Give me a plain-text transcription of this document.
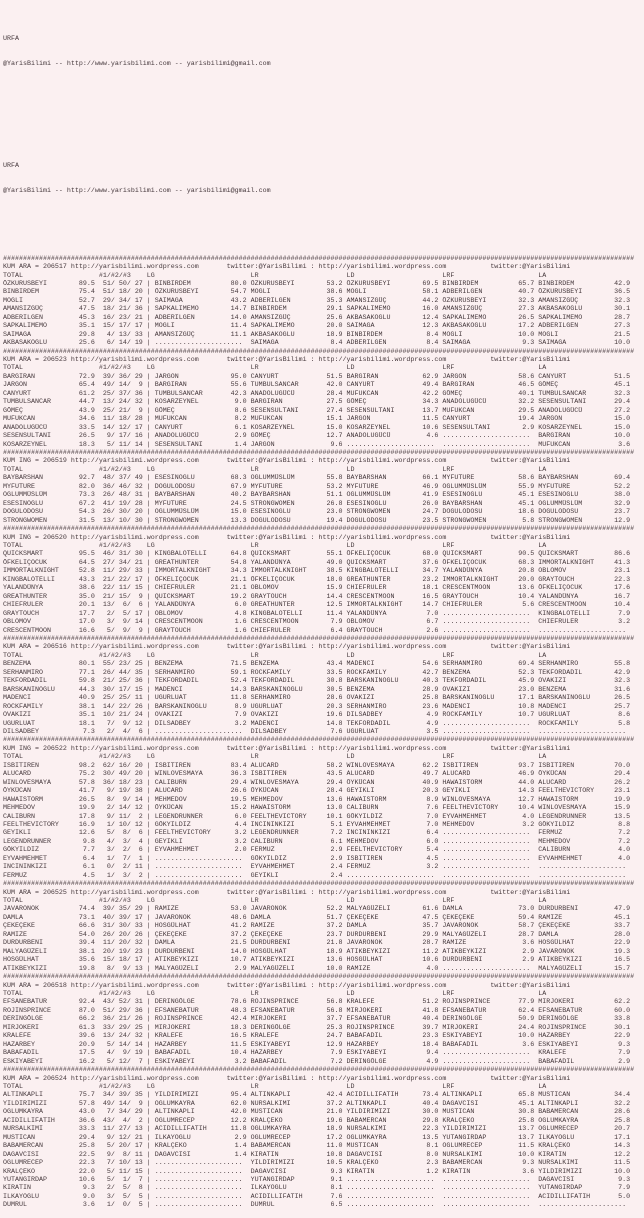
URFA

@YarisBilimi -- http://www.yarisbilimi.com -- yarisbilimi@gmail.com

URFA

@YarisBilimi -- http://www.yarisbilimi.com -- yarisbilimi@gmail.com

##############################################################################################################################################################
KUM ARA = 206517 http://yarisbilimi.wordpress.com       twitter:@YarisBilimi : http://yarisbilimi.wordpress.com           twitter:@YarisBilimi
TOTAL                   #1/#2/#3    LG                        LR                      LD                      LRF                     LA
ÖZKURUSBEYI        89.5  51/ 50/ 27 | BINBIRDEM          80.0 ÖZKURUSBEYI        53.2 ÖZKURUSBEYI        69.5 BINBIRDEM          65.7 BINBIRDEM          42.9
BINBIRDEM          75.4  51/ 18/ 20 | ÖZKURUSBEYI        54.7 MOGLI              38.6 MOGLI              58.1 ADBERILGEN         40.7 ÖZKURUSBEYI        36.5
MOGLI              52.7  29/ 34/ 17 | SAIMAGA            43.2 ADBERILGEN         35.3 AMANSIZGÜÇ         44.2 ÖZKURUSBEYI        32.3 AMANSIZGÜÇ         32.3
AMANSIZGÜÇ         47.5  18/ 21/ 36 | SAPKALIMEMO        14.7 BINBIRDEM          29.1 SAPKALIMEMO        16.0 AMANSIZGÜÇ         27.3 AKBASAKOGLU        30.1
ADBERILGEN         45.3  16/ 23/ 21 | ADBERILGEN         14.0 AMANSIZGÜÇ         25.6 AKBASAKOGLU        12.4 SAPKALIMEMO        26.5 SAPKALIMEMO        28.7
SAPKALIMEMO        35.1  15/ 17/ 17 | MOGLI              11.4 SAPKALIMEMO        20.0 SAIMAGA            12.3 AKBASAKOGLU        17.2 ADBERILGEN         27.3
SAIMAGA            29.8   4/ 13/ 33 | AMANSIZGÜÇ         11.1 AKBASAKOGLU        18.9 BINBIRDEM           8.4 MOGLI              10.0 MOGLI              21.5
AKBASAKOGLU        25.6   6/ 14/ 19 | ......................  SAIMAGA             8.4 ADBERILGEN          8.4 SAIMAGA             9.3 SAIMAGA            10.0
##############################################################################################################################################################
KUM ARA = 206523 http://yarisbilimi.wordpress.com       twitter:@YarisBilimi : http://yarisbilimi.wordpress.com           twitter:@YarisBilimi
TOTAL                   #1/#2/#3    LG                        LR                      LD                      LRF                     LA
BARGIRAN           72.9  39/ 36/ 29 | JARGON             95.0 CANYURT            51.5 BARGIRAN           62.9 JARGON             58.6 CANYURT            51.5
JARGON             65.4  49/ 14/  9 | BARGIRAN           55.6 TUMBULSANCAR       42.0 CANYURT            49.4 BARGIRAN           46.5 GÖMEÇ              45.1
CANYURT            61.2  25/ 37/ 36 | TUMBULSANCAR       42.3 ANADOLUGÜCÜ        28.4 MUFUKCAN           42.2 GÖMEÇ              40.1 TUMBULSANCAR       32.3
TUMBULSANCAR       44.7  13/ 24/ 32 | KOSARZEYNEL         9.0 BARGIRAN           27.5 GÖMEÇ              34.3 ANADOLUGÜCÜ        32.2 SESENSULTANI       29.4
GÖMEÇ              43.9  25/ 21/  9 | GÖMEÇ               8.6 SESENSULTANI       27.4 SESENSULTANI       13.7 MUFUKCAN           29.5 ANADOLUGÜCÜ        27.2
MUFUKCAN           34.6  11/ 18/ 28 | MUFUKCAN            8.2 MUFUKCAN           15.1 JARGON             11.5 CANYURT            19.4 JARGON             15.0
ANADOLUGÜCÜ        33.5  14/ 12/ 17 | CANYURT             6.1 KOSARZEYNEL        15.0 KOSARZEYNEL        10.6 SESENSULTANI        2.9 KOSARZEYNEL        15.0
SESENSULTANI       26.5   9/ 17/ 16 | ANADOLUGÜCÜ         2.9 GÖMEÇ              12.7 ANADOLUGÜCÜ         4.6 ......................  BARGIRAN           10.0
KOSARZEYNEL        18.3   5/ 11/ 14 | SESENSULTANI        1.4 JARGON              9.6 ......................  ......................  MUFUKCAN            3.6
##############################################################################################################################################################
KUM ING = 206519 http://yarisbilimi.wordpress.com       twitter:@YarisBilimi : http://yarisbilimi.wordpress.com           twitter:@YarisBilimi
TOTAL                   #1/#2/#3    LG                        LR                      LD                      LRF                     LA
BAYBARSHAN         92.7  48/ 37/ 49 | ESESINOGLU         68.3 OGLUMMÜSLÜM        55.8 BAYBARSHAN         66.1 MYFUTURE           58.6 BAYBARSHAN         69.4
MYFUTURE           82.0  36/ 46/ 32 | DOGULODOSU         67.9 MYFUTURE           53.2 MYFUTURE           46.9 OGLUMMÜSLÜM        55.9 MYFUTURE           52.2
OGLUMMÜSLÜM        73.3  26/ 48/ 31 | BAYBARSHAN         40.2 BAYBARSHAN         51.1 OGLUMMÜSLÜM        41.9 ESESINOGLU         45.1 ESESINOGLU         38.0
ESESINOGLU         67.2  41/ 19/ 28 | MYFUTURE           24.5 STRONGWOMEN        26.8 ESESINOGLU         26.0 BAYBARSHAN         45.1 OGLUMMÜSLÜM        32.9
DOGULODOSU         54.3  26/ 30/ 20 | OGLUMMÜSLÜM        15.0 ESESINOGLU         23.0 STRONGWOMEN        24.7 DOGULODOSU         18.6 DOGULODOSU         23.7
STRONGWOMEN        31.5  13/ 10/ 30 | STRONGWOMEN        13.3 DOGULODOSU         19.4 DOGULODOSU         23.5 STRONGWOMEN         5.8 STRONGWOMEN        12.9
##############################################################################################################################################################
KUM ING = 206520 http://yarisbilimi.wordpress.com       twitter:@YarisBilimi : http://yarisbilimi.wordpress.com           twitter:@YarisBilimi
TOTAL                   #1/#2/#3    LG                        LR                      LD                      LRF                     LA
QUICKSMART         95.5  46/ 31/ 30 | KINGBALOTELLI      64.8 QUICKSMART         55.1 ÖFKELIÇOCUK        68.0 QUICKSMART         90.5 QUICKSMART         86.6
ÖFKELIÇOCUK        64.5  27/ 34/ 21 | GREATHUNTER        54.8 YALANDÜNYA         49.0 QUICKSMART         37.6 ÖFKELIÇOCUK        68.3 IMMORTALKNIGHT     41.3
IMMORTALKNIGHT     52.8  11/ 29/ 33 | IMMORTALKNIGHT     34.3 IMMORTALKNIGHT     38.5 KINGBALOTELLI      34.7 YALANDÜNYA         20.8 OBLOMOV            23.1
KINGBALOTELLI      43.3  21/ 22/ 17 | ÖFKELIÇOCUK        21.1 ÖFKELIÇOCUK        18.0 GREATHUNTER        23.2 IMMORTALKNIGHT     20.0 GRAYTOUCH          22.3
YALANDÜNYA         38.6  22/ 11/ 15 | CHIEFRULER         21.1 OBLOMOV            15.9 CHIEFRULER         18.1 CRESCENTMOON       13.6 ÖFKELIÇOCUK        17.6
GREATHUNTER        35.0  21/ 15/  9 | QUICKSMART         19.2 GRAYTOUCH          14.4 CRESCENTMOON       16.5 GRAYTOUCH          10.4 YALANDÜNYA         16.7
CHIEFRULER         20.1  13/  6/  6 | YALANDÜNYA          6.0 GREATHUNTER        12.5 IMMORTALKNIGHT     14.7 CHIEFRULER          5.6 CRESCENTMOON       10.4
GRAYTOUCH          17.7   2/  5/ 17 | OBLOMOV             4.8 KINGBALOTELLI      11.4 YALANDÜNYA          7.0 ......................  KINGBALOTELLI       7.9
OBLOMOV            17.0   3/  9/ 14 | CRESCENTMOON        1.6 CRESCENTMOON        7.9 OBLOMOV             6.7 ......................  CHIEFRULER          3.2
CRESCENTMOON       16.6   5/  9/  9 | GRAYTOUCH           1.6 CHIEFRULER          6.4 GRAYTOUCH           2.6 ......................  ......................
##############################################################################################################################################################
KUM ARA = 206516 http://yarisbilimi.wordpress.com       twitter:@YarisBilimi : http://yarisbilimi.wordpress.com           twitter:@YarisBilimi
TOTAL                   #1/#2/#3    LG                        LR                      LD                      LRF                     LA
BENZEMA            80.1  55/ 23/ 25 | BENZEMA            71.5 BENZEMA            43.4 MADENCI            54.6 SERHANMIRO         69.4 SERHANMIRO         55.8
SERHANMIRO         77.1  26/ 44/ 35 | SERHANMIRO         59.1 ROCKFAMILY         33.5 ROCKFAMILY         42.7 BENZEMA            52.3 TEKFORDADIL        42.9
TEKFORDADIL        59.8  21/ 25/ 36 | TEKFORDADIL        52.4 TEKFORDADIL        30.8 BARSKANINOGLU      40.3 TEKFORDADIL        45.9 OVAKIZI            32.3
BARSKANINOGLU      44.3  30/ 17/ 15 | MADENCI            14.3 BARSKANINOGLU      30.5 BENZEMA            28.9 OVAKIZI            23.0 BENZEMA            31.6
MADENCI            40.9  25/ 25/ 11 | UGURLUAT           11.8 SERHANMIRO         28.6 OVAKIZI            25.8 BARSKANINOGLU      17.1 BARSKANINOGLU      26.5
ROCKFAMILY         38.1  14/ 22/ 26 | BARSKANINOGLU       8.9 UGURLUAT           20.3 SERHANMIRO         23.6 MADENCI            10.8 MADENCI            25.7
OVAKIZI            35.1  10/ 21/ 24 | OVAKIZI             7.9 OVAKIZI            19.6 DILSADBEY           4.9 ROCKFAMILY         10.7 UGURLUAT            8.6
UGURLUAT           18.1   7/  9/ 12 | DILSADBEY           3.2 MADENCI            14.8 TEKFORDADIL         4.9 ......................  ROCKFAMILY          5.8
DILSADBEY           7.3   2/  4/  6 | ......................  DILSADBEY           7.6 UGURLUAT            3.5 ......................  ......................
##############################################################################################################################################################
KUM ING = 206522 http://yarisbilimi.wordpress.com       twitter:@YarisBilimi : http://yarisbilimi.wordpress.com           twitter:@YarisBilimi
TOTAL                   #1/#2/#3    LG                        LR                      LD                      LRF                     LA
ISBITIREN          98.2  62/ 16/ 20 | ISBITIREN          83.4 ALUCARD            58.2 WINLOVESMAYA       62.2 ISBITIREN          93.7 ISBITIREN          70.0
ALUCARD            75.2  30/ 49/ 20 | WINLOVESMAYA       36.3 ISBITIREN          43.5 ALUCARD            49.7 ALUCARD            46.9 ÖYKÜCAN            29.4
WINLOVESMAYA       57.8  36/ 18/ 23 | CALIBURN           29.4 WINLOVESMAYA       29.4 ÖYKÜCAN            40.9 HAWAISTORM         44.0 ALUCARD            26.2
ÖYKÜCAN            41.7   9/ 19/ 38 | ALUCARD            26.6 ÖYKÜCAN            28.4 GEYIKLI            20.3 GEYIKLI            14.3 FEELTHEVICTORY     23.1
HAWAISTORM         26.5   8/  9/ 14 | MEHMEDOV           19.5 MEHMEDOV           13.6 HAWAISTORM          8.9 WINLOVESMAYA       12.7 HAWAISTORM         19.9
MEHMEDOV           19.9   2/ 14/ 12 | ÖYKÜCAN            15.2 HAWAISTORM         13.0 CALIBURN            7.6 FEELTHEVICTORY     10.4 WINLOVESMAYA       15.9
CALIBURN           17.8   9/ 11/  2 | LEGENDRUNNER        6.0 FEELTHEVICTORY     10.1 GÖKYILDIZ           7.0 EYVAHMEHMET         4.0 LEGENDRUNNER       13.5
FEELTHEVICTORY     16.9   1/ 10/ 12 | GÖKYILDIZ           4.4 INCININKIZI         5.1 EYVAHMEHMET         7.0 MEHMEDOV            3.2 GÖKYILDIZ           8.8
GEYIKLI            12.6   5/  8/  6 | FEELTHEVICTORY      3.2 LEGENDRUNNER        7.2 INCININKIZI         6.4 ......................  FERMUZ              7.2
LEGENDRUNNER        9.8   4/  3/  4 | GEYIKLI             3.2 CALIBURN            6.1 MEHMEDOV            6.0 ......................  MEHMEDOV            7.2
GÖKYILDIZ           7.7   3/  2/  6 | EYVAHMEHMET         2.0 FERMUZ              2.9 FEELTHEVICTORY      5.4 ......................  CALIBURN            4.0
EYVAHMEHMET         6.4   1/  7/  1 | ......................  GÖKYILDIZ           2.9 ISBITIREN           4.5 ......................  EYVAHMEHMET         4.0
INCININKIZI         6.1   0/  2/ 11 | ......................  EYVAHMEHMET         2.4 FERMUZ              3.2 ......................  ......................
FERMUZ              4.5   1/  3/  2 | ......................  GEYIKLI             2.4 ......................  ......................  ......................
##############################################################################################################################################################
KUM ARA = 206525 http://yarisbilimi.wordpress.com       twitter:@YarisBilimi : http://yarisbilimi.wordpress.com           twitter:@YarisBilimi
TOTAL                   #1/#2/#3    LG                        LR                      LD                      LRF                     LA
JAVARONOK          74.4  39/ 35/ 29 | RAMIZE             53.0 JAVARONOK          52.2 MALYAGÜZELI        61.6 DAMLA              73.0 DURDURBENI         47.9
DAMLA              73.1  40/ 39/ 17 | JAVARONOK          48.6 DAMLA              51.7 ÇEKEÇEKE           47.5 ÇEKEÇEKE           59.4 RAMIZE             45.1
ÇEKEÇEKE           66.6  31/ 30/ 33 | HOSGÜLHAT          41.2 RAMIZE             37.2 DAMLA              35.7 JAVARONOK          58.7 ÇEKEÇEKE           33.7
RAMIZE             54.0  26/ 20/ 26 | ÇEKEÇEKE           37.2 ÇEKEÇEKE           23.7 DURDURBENI         29.9 MALYAGÜZELI        28.7 DAMLA              28.0
DURDURBENI         39.4  11/ 20/ 32 | DAMLA              21.5 DURDURBENI         21.8 JAVARONOK          28.7 RAMIZE              3.6 HOSGÜLHAT          22.9
MALYAGÜZELI        38.1  20/ 19/ 23 | DURDURBENI         14.0 HOSGÜLHAT          18.9 ATIKBEYKIZI        11.2 ATIKBEYKIZI         2.9 JAVARONOK          19.3
HOSGÜLHAT          35.6  15/ 18/ 17 | ATIKBEYKIZI        10.7 ATIKBEYKIZI        13.6 HOSGÜLHAT          10.6 DURDURBENI          2.9 ATIKBEYKIZI        16.5
ATIKBEYKIZI        19.8   8/  9/ 13 | MALYAGÜZELI         2.9 MALYAGÜZELI        10.0 RAMIZE              4.0 ......................  MALYAGÜZELI        15.7
##############################################################################################################################################################
KUM ARA = 206518 http://yarisbilimi.wordpress.com       twitter:@YarisBilimi : http://yarisbilimi.wordpress.com           twitter:@YarisBilimi
TOTAL                   #1/#2/#3    LG                        LR                      LD                      LRF                     LA
EFSANEBATUR        92.4  43/ 52/ 31 | DERINGÖLGE         78.6 ROJINSPRINCE       56.8 KRALEFE            51.2 ROJINSPRINCE       77.9 MIRJOKERI          62.2
ROJINSPRINCE       87.0  51/ 29/ 36 | EFSANEBATUR        48.3 EFSANEBATUR        56.8 MIRJOKERI          41.8 EFSANEBATUR        62.4 EFSANEBATUR        60.0
DERINGÖLGE         66.2  36/ 21/ 26 | ROJINSPRINCE       42.4 MIRJOKERI          37.7 EFSANEBATUR        40.4 DERINGÖLGE         50.9 DERINGÖLGE         33.8
MIRJOKERI          61.3  33/ 29/ 25 | MIRJOKERI          18.3 DERINGÖLGE         25.3 ROJINSPRINCE       39.7 MIRJOKERI          24.4 ROJINSPRINCE       30.1
KRALEFE            39.6  13/ 24/ 32 | KRALEFE            16.5 KRALEFE            24.7 BABAFADIL          23.3 ESKIYABEYI         10.0 HAZARBEY           22.9
HAZARBEY           20.9   5/ 14/ 14 | HAZARBEY           11.5 ESKIYABEYI         12.9 HAZARBEY           18.4 BABAFADIL           3.6 ESKIYABEYI          9.3
BABAFADIL          17.5   4/  9/ 19 | BABAFADIL          10.4 HAZARBEY            7.9 ESKIYABEYI          9.4 ......................  KRALEFE             7.9
ESKIYABEYI         16.2   5/ 12/  7 | ESKIYABEYI          3.2 BABAFADIL           7.2 DERINGÖLGE          4.9 ......................  BABAFADIL           2.9
##############################################################################################################################################################
KUM ARA = 206524 http://yarisbilimi.wordpress.com       twitter:@YarisBilimi : http://yarisbilimi.wordpress.com           twitter:@YarisBilimi
TOTAL                   #1/#2/#3    LG                        LR                      LD                      LRF                     LA
ALTINKAPLI         75.7  34/ 39/ 35 | YILDIRIMIZI        95.4 ALTINKAPLI         42.4 ACIDILLIFATIH      73.4 ALTINKAPLI         65.8 MUSTICAN           34.4
YILDIRIMIZI        57.8  49/ 14/  9 | OGLUMKAYRA         62.0 NURSALKIMI         37.2 ALTINKAPLI         40.4 DAGAVCISI          45.1 ALTINKAPLI         32.2
OGLUMKAYRA         43.0   7/ 34/ 29 | ALTINKAPLI         42.0 MUSTICAN           21.0 YILDIRIMIZI        30.0 MUSTICAN           30.8 BABAMERCAN         28.6
ACIDILLIFATIH      36.6  43/  4/  2 | OGLUMRECEP         12.2 KRALÇEKO           19.6 BABAMERCAN         29.8 KRALÇEKO           25.8 OGLUMKAYRA         25.8
NURSALKIMI         33.3  11/ 27/ 13 | ACIDILLIFATIH      11.8 OGLUMKAYRA         18.9 NURSALKIMI         22.3 YILDIRIMIZI        13.7 OGLUMRECEP         20.7
MUSTICAN           29.4   9/ 12/ 21 | ILKAYOGLU           2.9 OGLUMRECEP         17.2 OGLUMKAYRA         13.5 YUTANGIRDAP        13.7 ILKAYOGLU          17.1
BABAMERCAN         25.8   5/ 20/ 17 | KRALÇEKO            1.4 BABAMERCAN         11.0 MUSTICAN            8.1 OGLUMRECEP         11.5 KRALÇEKO           14.3
DAGAVCISI          22.5   9/  8/ 11 | DAGAVCISI           1.4 KIRATIN            10.8 DAGAVCISI           8.0 NURSALKIMI         10.0 KIRATIN            12.2
OGLUMRECEP         22.3   7/ 10/ 13 | ......................  YILDIRIMIZI        10.5 KRALÇEKO            2.3 BABAMERCAN          9.3 NURSALKIMI         11.5
KRALÇEKO           22.0   5/ 11/ 15 | ......................  DAGAVCISI           9.3 KIRATIN             1.2 KIRATIN             3.6 YILDIRIMIZI        10.0
YUTANGIRDAP        10.6   5/  1/  7 | ......................  YUTANGIRDAP         9.1 ......................  ......................  DAGAVCISI           9.3
KIRATIN             9.3   2/  5/  8 | ......................  ILKAYOGLU           8.1 ......................  ......................  YUTANGIRDAP         7.9
ILKAYOGLU           9.0   3/  5/  5 | ......................  ACIDILLIFATIH       7.6 ......................  ......................  ACIDILLIFATIH       5.0
DUMRUL              3.6   1/  0/  5 | ......................  DUMRUL              6.5 ......................  ......................  ......................
